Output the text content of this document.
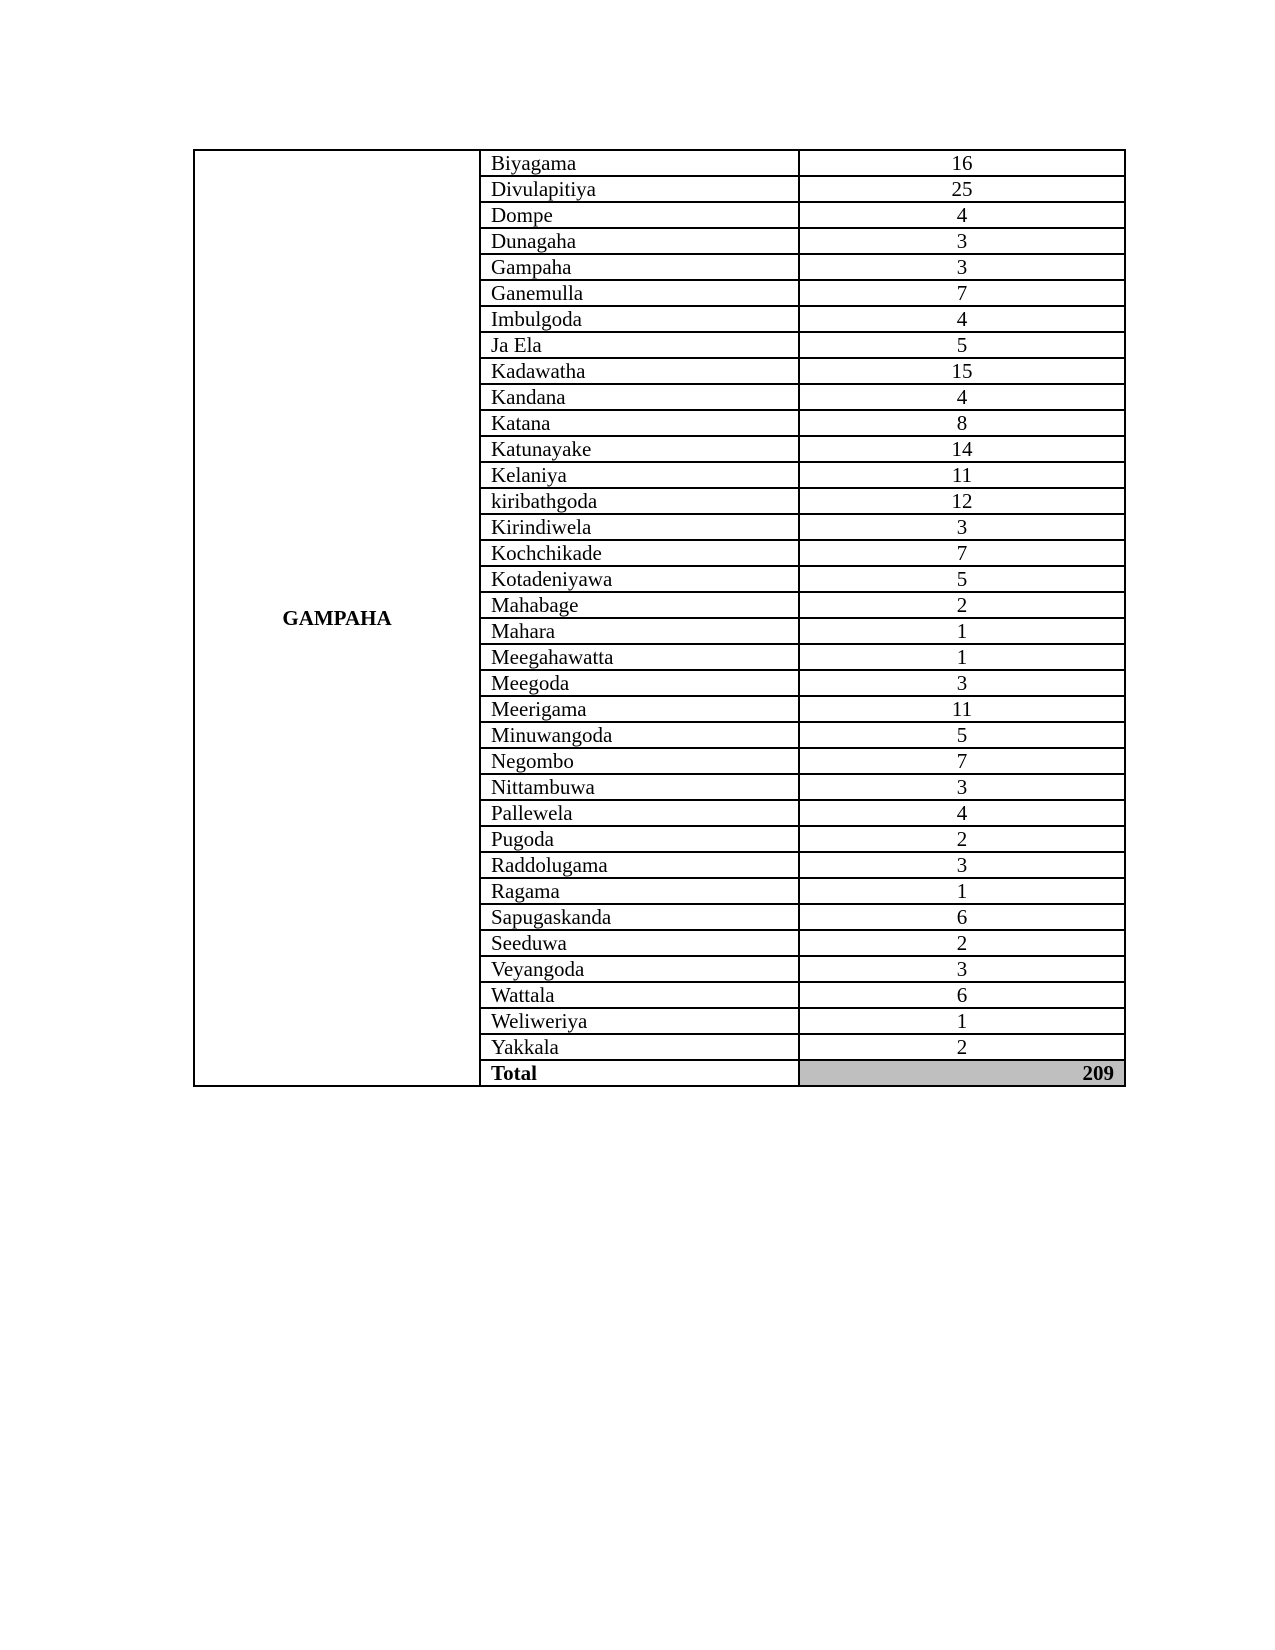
GAMPAHA	Biyagama	16
	Divulapitiya	25
	Dompe	4
	Dunagaha	3
	Gampaha	3
	Ganemulla	7
	Imbulgoda	4
	Ja Ela	5
	Kadawatha	15
	Kandana	4
	Katana	8
	Katunayake	14
	Kelaniya	11
	kiribathgoda	12
	Kirindiwela	3
	Kochchikade	7
	Kotadeniyawa	5
	Mahabage	2
	Mahara	1
	Meegahawatta	1
	Meegoda	3
	Meerigama	11
	Minuwangoda	5
	Negombo	7
	Nittambuwa	3
	Pallewela	4
	Pugoda	2
	Raddolugama	3
	Ragama	1
	Sapugaskanda	6
	Seeduwa	2
	Veyangoda	3
	Wattala	6
	Weliweriya	1
	Yakkala	2
	Total	209
